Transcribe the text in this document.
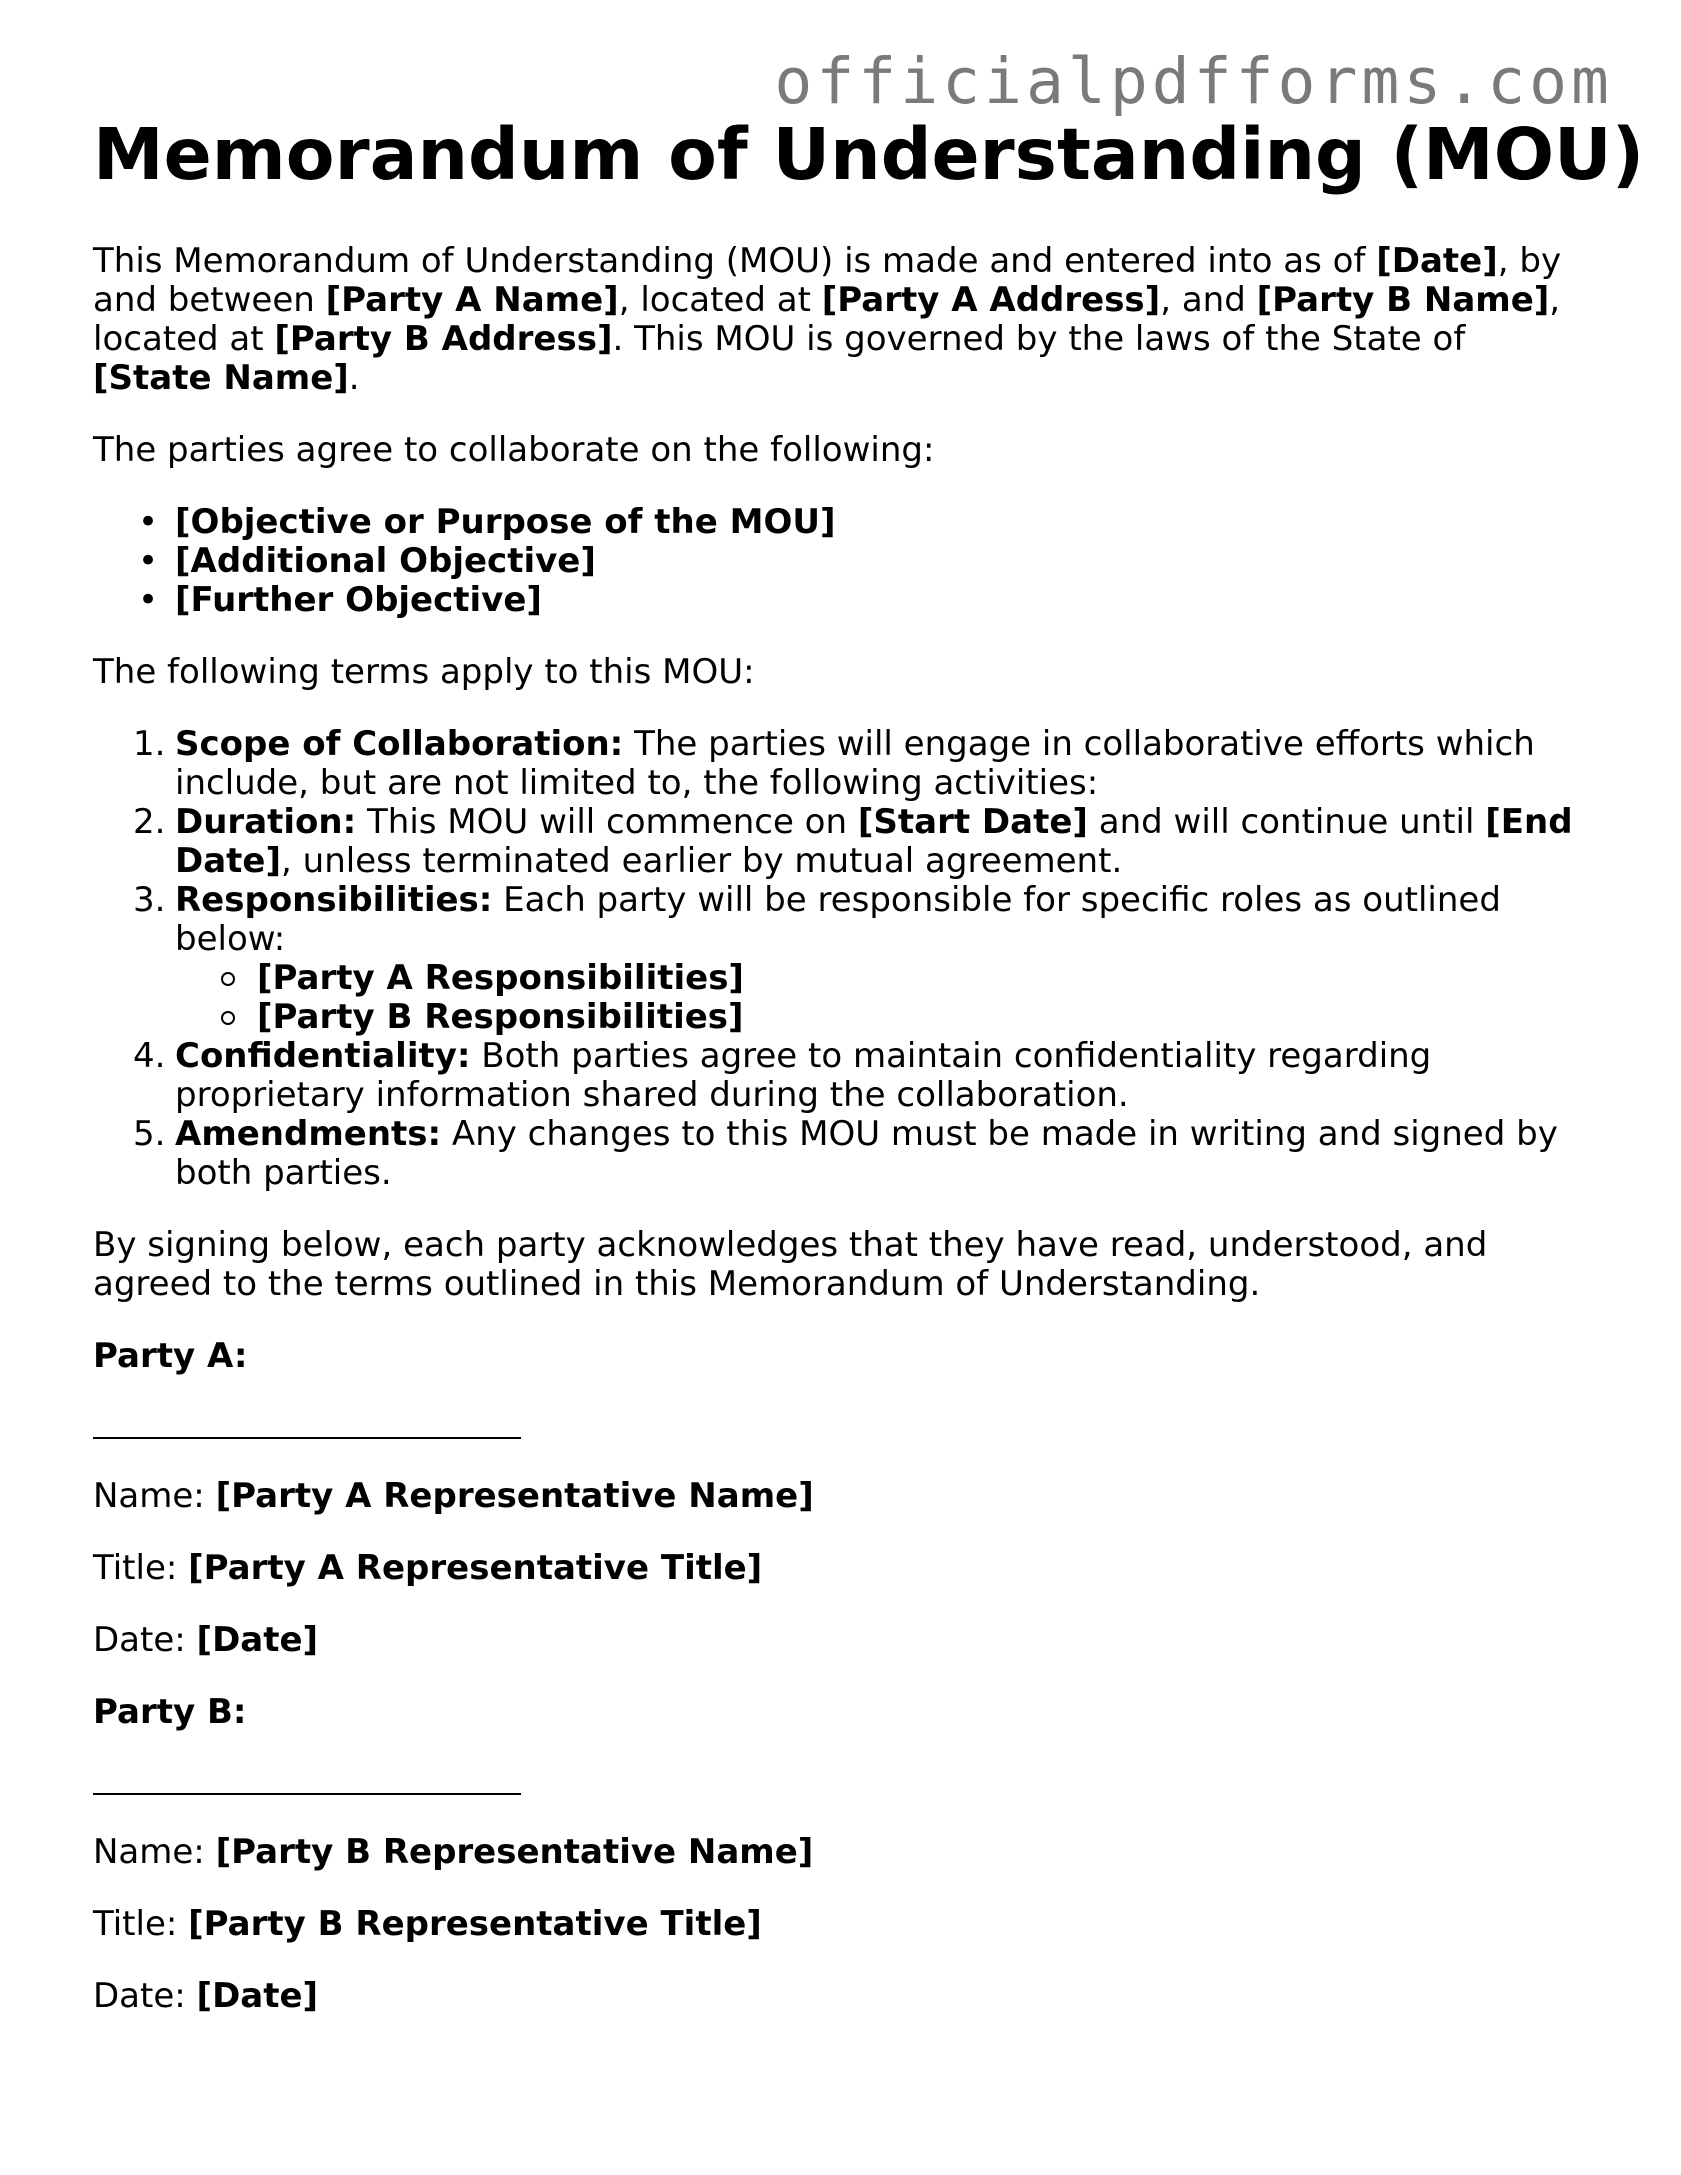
officialpdfforms.com
Memorandum of Understanding (MOU)

This Memorandum of Understanding (MOU) is made and entered into as of [Date], by and between [Party A Name], located at [Party A Address], and [Party B Name], located at [Party B Address]. This MOU is governed by the laws of the State of [State Name].

The parties agree to collaborate on the following:

• [Objective or Purpose of the MOU]
• [Additional Objective]
• [Further Objective]

The following terms apply to this MOU:

1. Scope of Collaboration: The parties will engage in collaborative efforts which include, but are not limited to, the following activities:
2. Duration: This MOU will commence on [Start Date] and will continue until [End Date], unless terminated earlier by mutual agreement.
3. Responsibilities: Each party will be responsible for specific roles as outlined below:
[Party A Responsibilities]
[Party B Responsibilities]
4. Confidentiality: Both parties agree to maintain confidentiality regarding proprietary information shared during the collaboration.
5. Amendments: Any changes to this MOU must be made in writing and signed by both parties.

By signing below, each party acknowledges that they have read, understood, and agreed to the terms outlined in this Memorandum of Understanding.

Party A:

Name: [Party A Representative Name]

Title: [Party A Representative Title]

Date: [Date]

Party B:

Name: [Party B Representative Name]

Title: [Party B Representative Title]

Date: [Date]
